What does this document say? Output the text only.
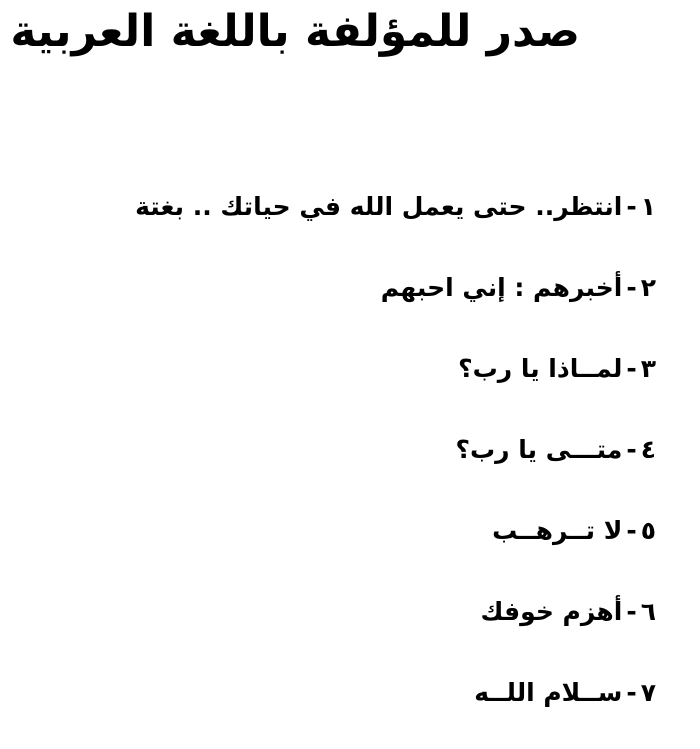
صدر للمؤلفة باللغة العربية
١-انتظر.. حتى يعمل الله في حياتك .. بغتة
٢-أخبرهم : إني احبهم
٣-لمــاذا يا رب؟
٤-متـــى يا رب؟
٥-لا تــرهــب
٦-أهزم خوفك
٧-ســلام اللــه
